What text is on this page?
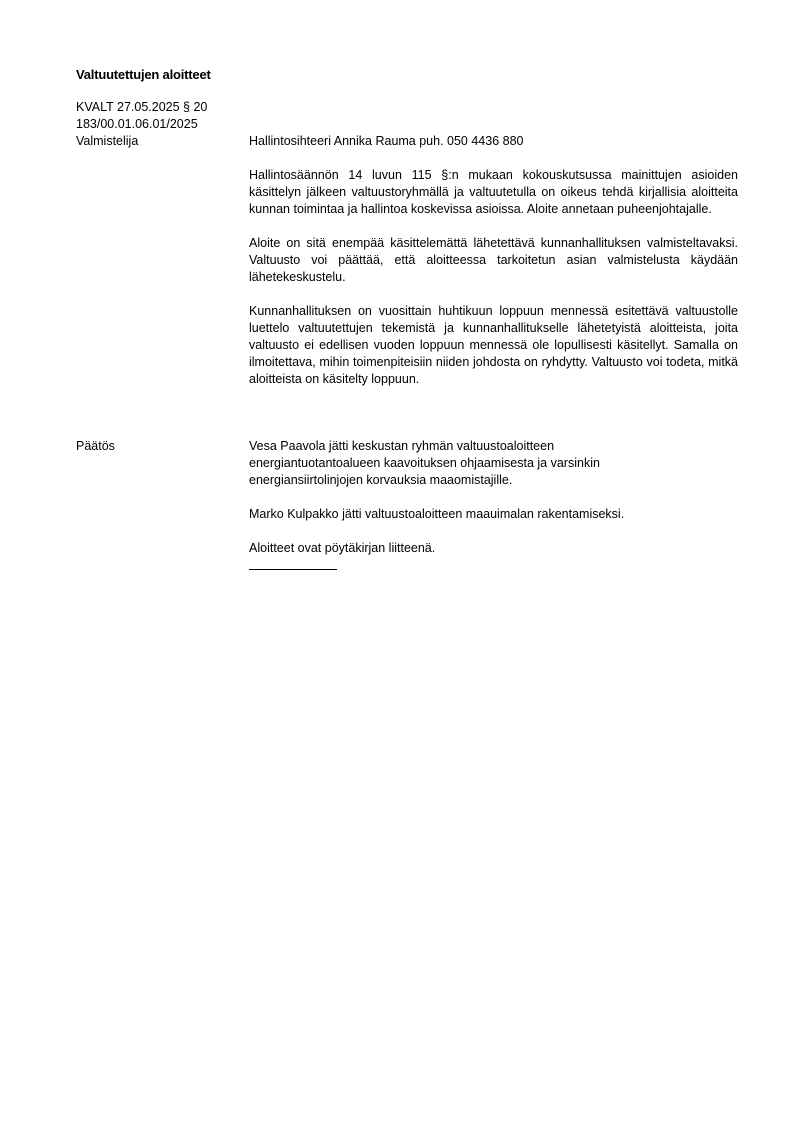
Valtuutettujen aloitteet
KVALT 27.05.2025 § 20
183/00.01.06.01/2025
Valmistelija	Hallintosihteeri Annika Rauma puh. 050 4436 880

Hallintosäännön 14 luvun 115 §:n mukaan kokouskutsussa mainittujen asioiden käsittelyn jälkeen valtuustoryhmällä ja valtuutetulla on oikeus tehdä kirjallisia aloitteita kunnan toimintaa ja hallintoa koskevissa asioissa. Aloite annetaan puheenjohtajalle.

Aloite on sitä enempää käsittelemättä lähetettävä kunnanhallituksen valmisteltavaksi. Valtuusto voi päättää, että aloitteessa tarkoitetun asian valmistelusta käydään lähetekeskustelu.

Kunnanhallituksen on vuosittain huhtikuun loppuun mennessä esitettävä valtuustolle luettelo valtuutettujen tekemistä ja kunnanhallitukselle lähetetyistä aloitteista, joita valtuusto ei edellisen vuoden loppuun mennessä ole lopullisesti käsitellyt. Samalla on ilmoitettava, mihin toimenpiteisiin niiden johdosta on ryhdytty. Valtuusto voi todeta, mitkä aloitteista on käsitelty loppuun.

Päätös	Vesa Paavola jätti keskustan ryhmän valtuustoaloitteen energiantuotantoalueen kaavoituksen ohjaamisesta ja varsinkin energiansiirtolinjojen korvauksia maaomistajille.

Marko Kulpakko jätti valtuustoaloitteen maauimalan rakentamiseksi.

Aloitteet ovat pöytäkirjan liitteenä.
